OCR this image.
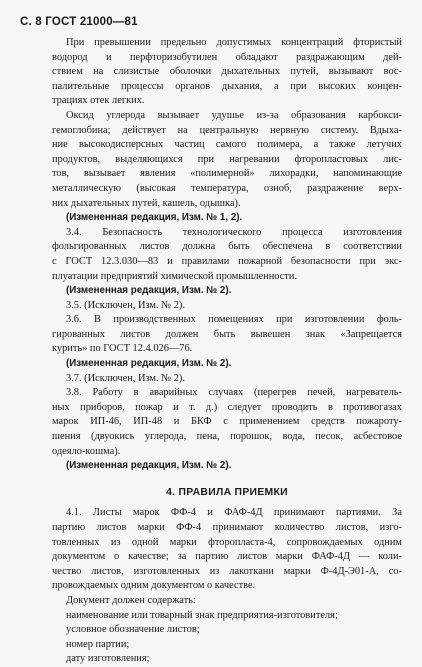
С. 8 ГОСТ 21000—81
При превышении предельно допустимых концентраций фтористый
водород и перфторизобутилен обладают раздражающим дей-
ствием на слизистые оболочки дыхательных путей, вызывают вос-
палительные процессы органов дыхания, а при высоких концен-
трациях отек легких.
Оксид углерода вызывает удушье из-за образования карбокси-
гемоглобина; действует на центральную нервную систему. Вдыха-
ние высокодисперсных частиц самого полимера, а также летучих
продуктов, выделяющихся при нагревании фторопластовых лис-
тов, вызывает явления «полимерной» лихорадки, напоминающие
металлическую (высокая температура, озноб, раздражение верх-
них дыхательных путей, кашель, одышка).
(Измененная редакция, Изм. № 1, 2).
3.4. Безопасность технологического процесса изготовления
фольгированных листов должна быть обеспечена в соответствии
с ГОСТ 12.3.030—83 и правилами пожарной безопасности при экс-
плуатации предприятий химической промышленности.
(Измененная редакция, Изм. № 2).
3.5. (Исключен, Изм. № 2).
3.6. В производственных помещениях при изготовлении фоль-
гированных листов должен быть вывешен знак «Запрещается
курить» по ГОСТ 12.4.026—76.
(Измененная редакция, Изм. № 2).
3.7. (Исключен, Изм. № 2).
3.8. Работу в аварийных случаях (перегрев печей, нагреватель-
ных приборов, пожар и т. д.) следует проводить в противогазах
марок ИП-46, ИП-48 и БКФ с применением средств пожароту-
шения (двуокись углерода, пена, порошок, вода, песок, асбестовое
одеяло-кошма).
(Измененная редакция, Изм. № 2).
4. ПРАВИЛА ПРИЕМКИ
4.1. Листы марок ФФ-4 и ФАФ-4Д принимают партиями. За
партию листов марки ФФ-4 принимают количество листов, изго-
товленных из одной марки фторопласта-4, сопровождаемых одним
документом о качестве; за партию листов марки ФАФ-4Д — коли-
чество листов, изготовленных из лакоткани марки Ф-4Д-Э01-А, со-
провождаемых одним документом о качестве.
Документ должен содержать:
наименование или товарный знак предприятия-изготовителя;
условное обозначение листов;
номер партии;
дату изготовления;
